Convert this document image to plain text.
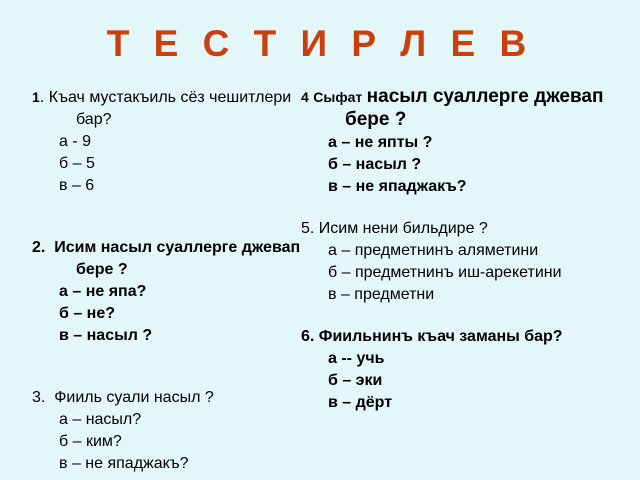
Т Е С Т И Р Л Е В
1. Къач мустакъиль сёз чешитлери бар?
а - 9
б – 5
в – 6
2. Исим насыл суаллерге джевап бере ?
а – не япа?
б – не?
в – насыл ?
3. Фииль суали насыл ?
а – насыл?
б – ким?
в – не япаджакъ?
4 Сыфат насыл суаллерге джевап бере ?
а – не япты ?
б – насыл ?
в – не япаджакъ?
5. Исим нени бильдире ?
а – предметнинъ аляметини
б – предметнинъ иш-арекетини
в – предметни
6. Фиильнинъ къач заманы бар?
а -- учь
б – эки
в – дёрт
